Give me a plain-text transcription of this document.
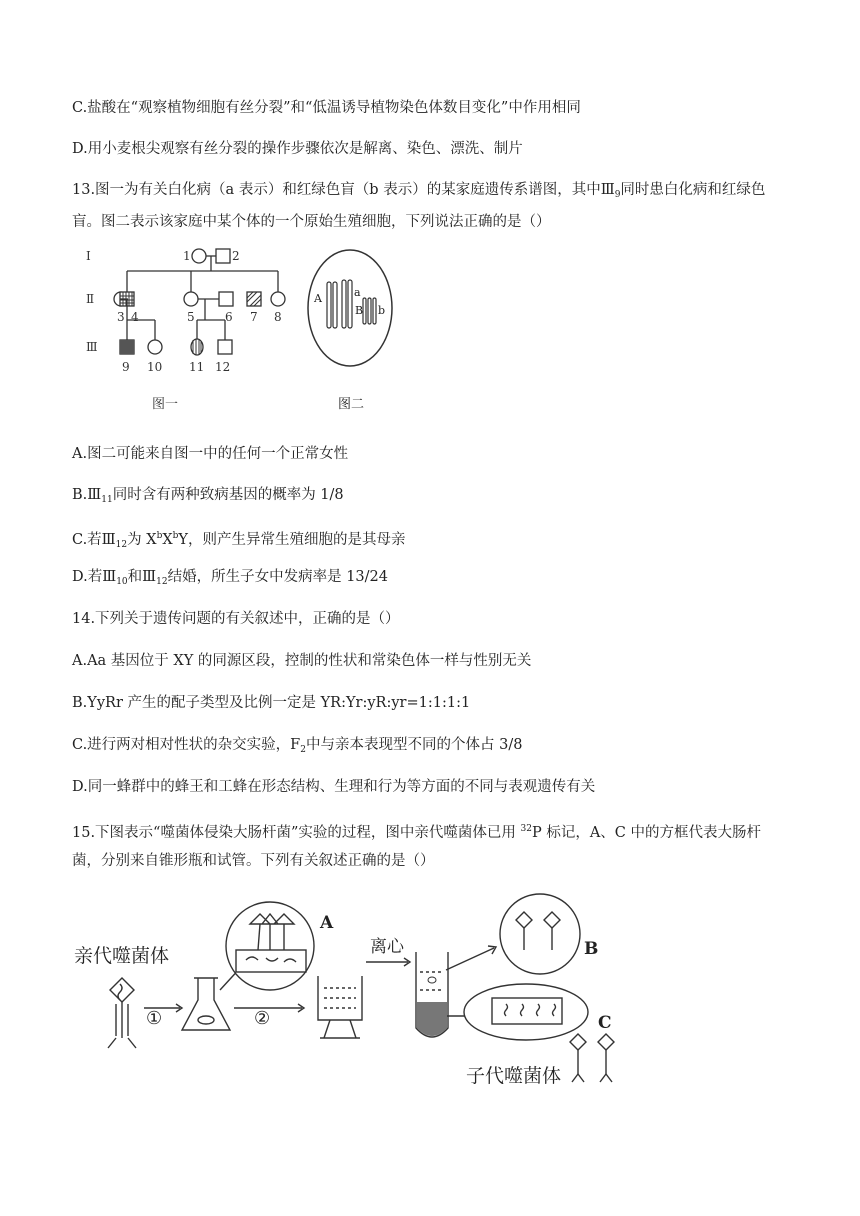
C.盐酸在“观察植物细胞有丝分裂”和“低温诱导植物染色体数目变化”中作用相同
D.用小麦根尖观察有丝分裂的操作步骤依次是解离、染色、漂洗、制片
13.图一为有关白化病（a 表示）和红绿色盲（b 表示）的某家庭遗传系谱图，其中$Ⅲ_9$同时患白化病和红绿色
盲。图二表示该家庭中某个体的一个原始生殖细胞，下列说法正确的是（）
Ⅰ
Ⅱ
Ⅲ
1	2
3 4	5	6 7 8
9 10 11 12
图一
A	a
B b
图二
A.图二可能来自图一中的任何一个正常女性
$B.Ⅲ_{11}$同时含有两种致病基因的概率为 1/8
C.若$Ⅲ_{12}$为 $X^bX^bY$，则产生异常生殖细胞的是其母亲
D.若$Ⅲ_{10}$和$Ⅲ_{12}$结婚，所生子女中发病率是 13/24
14.下列关于遗传问题的有关叙述中，正确的是（）
A.Aa 基因位于 XY 的同源区段，控制的性状和常染色体一样与性别无关
B.YyRr 产生的配子类型及比例一定是 YR:Yr:yR:yr=1:1:1:1
C.进行两对相对性状的杂交实验，$F_2$中与亲本表现型不同的个体占 3/8
D.同一蜂群中的蜂王和工蜂在形态结构、生理和行为等方面的不同与表观遗传有关
15.下图表示“噬菌体侵染大肠杆菌”实验的过程，图中亲代噬菌体已用 $^{32}$P 标记，A、C 中的方框代表大肠杆
菌，分别来自锥形瓶和试管。下列有关叙述正确的是（）
亲代噬菌体	离心
子代噬菌体
A
B
C
①	②
